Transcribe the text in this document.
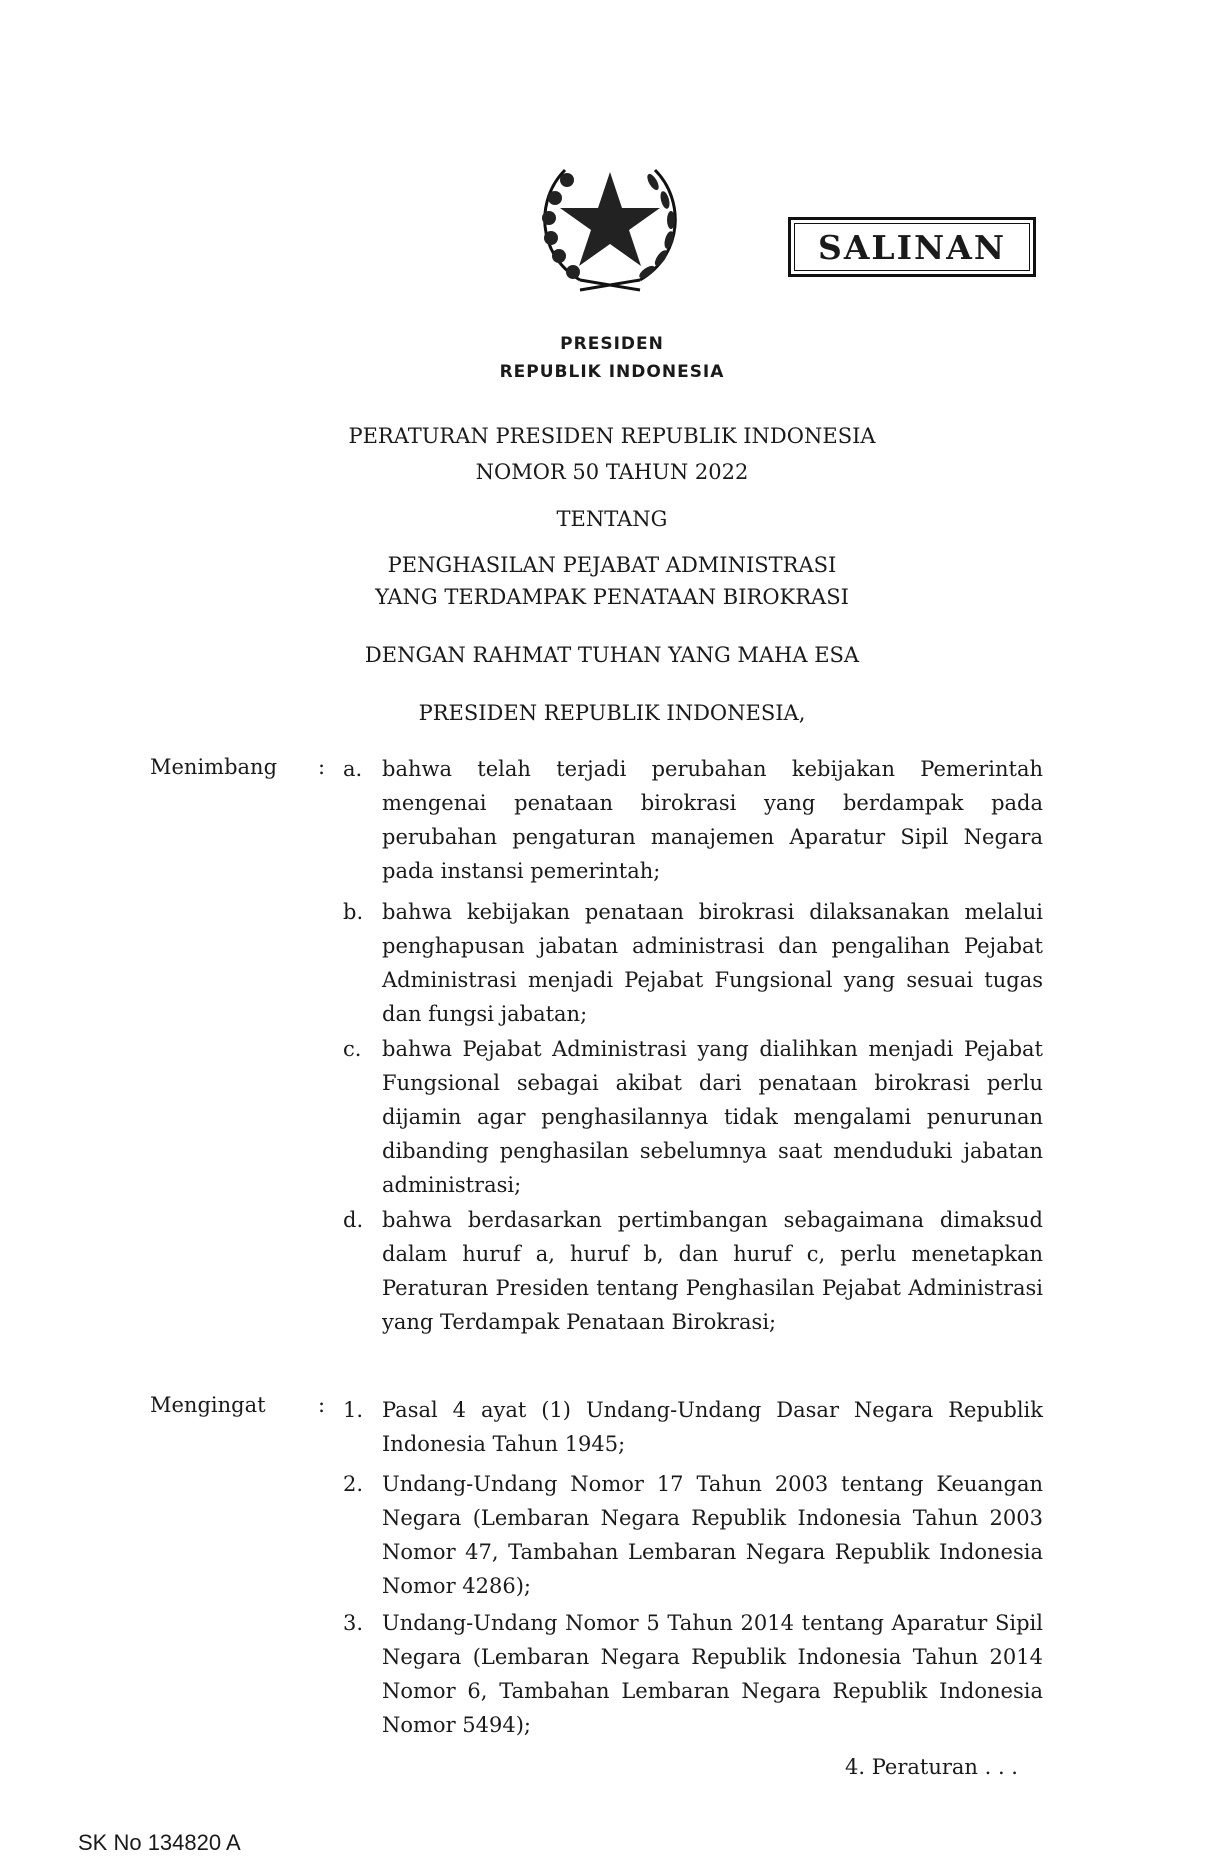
SALINAN
PRESIDEN
REPUBLIK INDONESIA
PERATURAN PRESIDEN REPUBLIK INDONESIA
NOMOR 50 TAHUN 2022
TENTANG
PENGHASILAN PEJABAT ADMINISTRASI
YANG TERDAMPAK PENATAAN BIROKRASI
DENGAN RAHMAT TUHAN YANG MAHA ESA
PRESIDEN REPUBLIK INDONESIA,
Menimbang : a. bahwa telah terjadi perubahan kebijakan Pemerintah mengenai penataan birokrasi yang berdampak pada perubahan pengaturan manajemen Aparatur Sipil Negara pada instansi pemerintah;
b. bahwa kebijakan penataan birokrasi dilaksanakan melalui penghapusan jabatan administrasi dan pengalihan Pejabat Administrasi menjadi Pejabat Fungsional yang sesuai tugas dan fungsi jabatan;
c. bahwa Pejabat Administrasi yang dialihkan menjadi Pejabat Fungsional sebagai akibat dari penataan birokrasi perlu dijamin agar penghasilannya tidak mengalami penurunan dibanding penghasilan sebelumnya saat menduduki jabatan administrasi;
d. bahwa berdasarkan pertimbangan sebagaimana dimaksud dalam huruf a, huruf b, dan huruf c, perlu menetapkan Peraturan Presiden tentang Penghasilan Pejabat Administrasi yang Terdampak Penataan Birokrasi;
Mengingat : 1. Pasal 4 ayat (1) Undang-Undang Dasar Negara Republik Indonesia Tahun 1945;
2. Undang-Undang Nomor 17 Tahun 2003 tentang Keuangan Negara (Lembaran Negara Republik Indonesia Tahun 2003 Nomor 47, Tambahan Lembaran Negara Republik Indonesia Nomor 4286);
3. Undang-Undang Nomor 5 Tahun 2014 tentang Aparatur Sipil Negara (Lembaran Negara Republik Indonesia Tahun 2014 Nomor 6, Tambahan Lembaran Negara Republik Indonesia Nomor 5494);
4. Peraturan . . .
SK No 134820 A
